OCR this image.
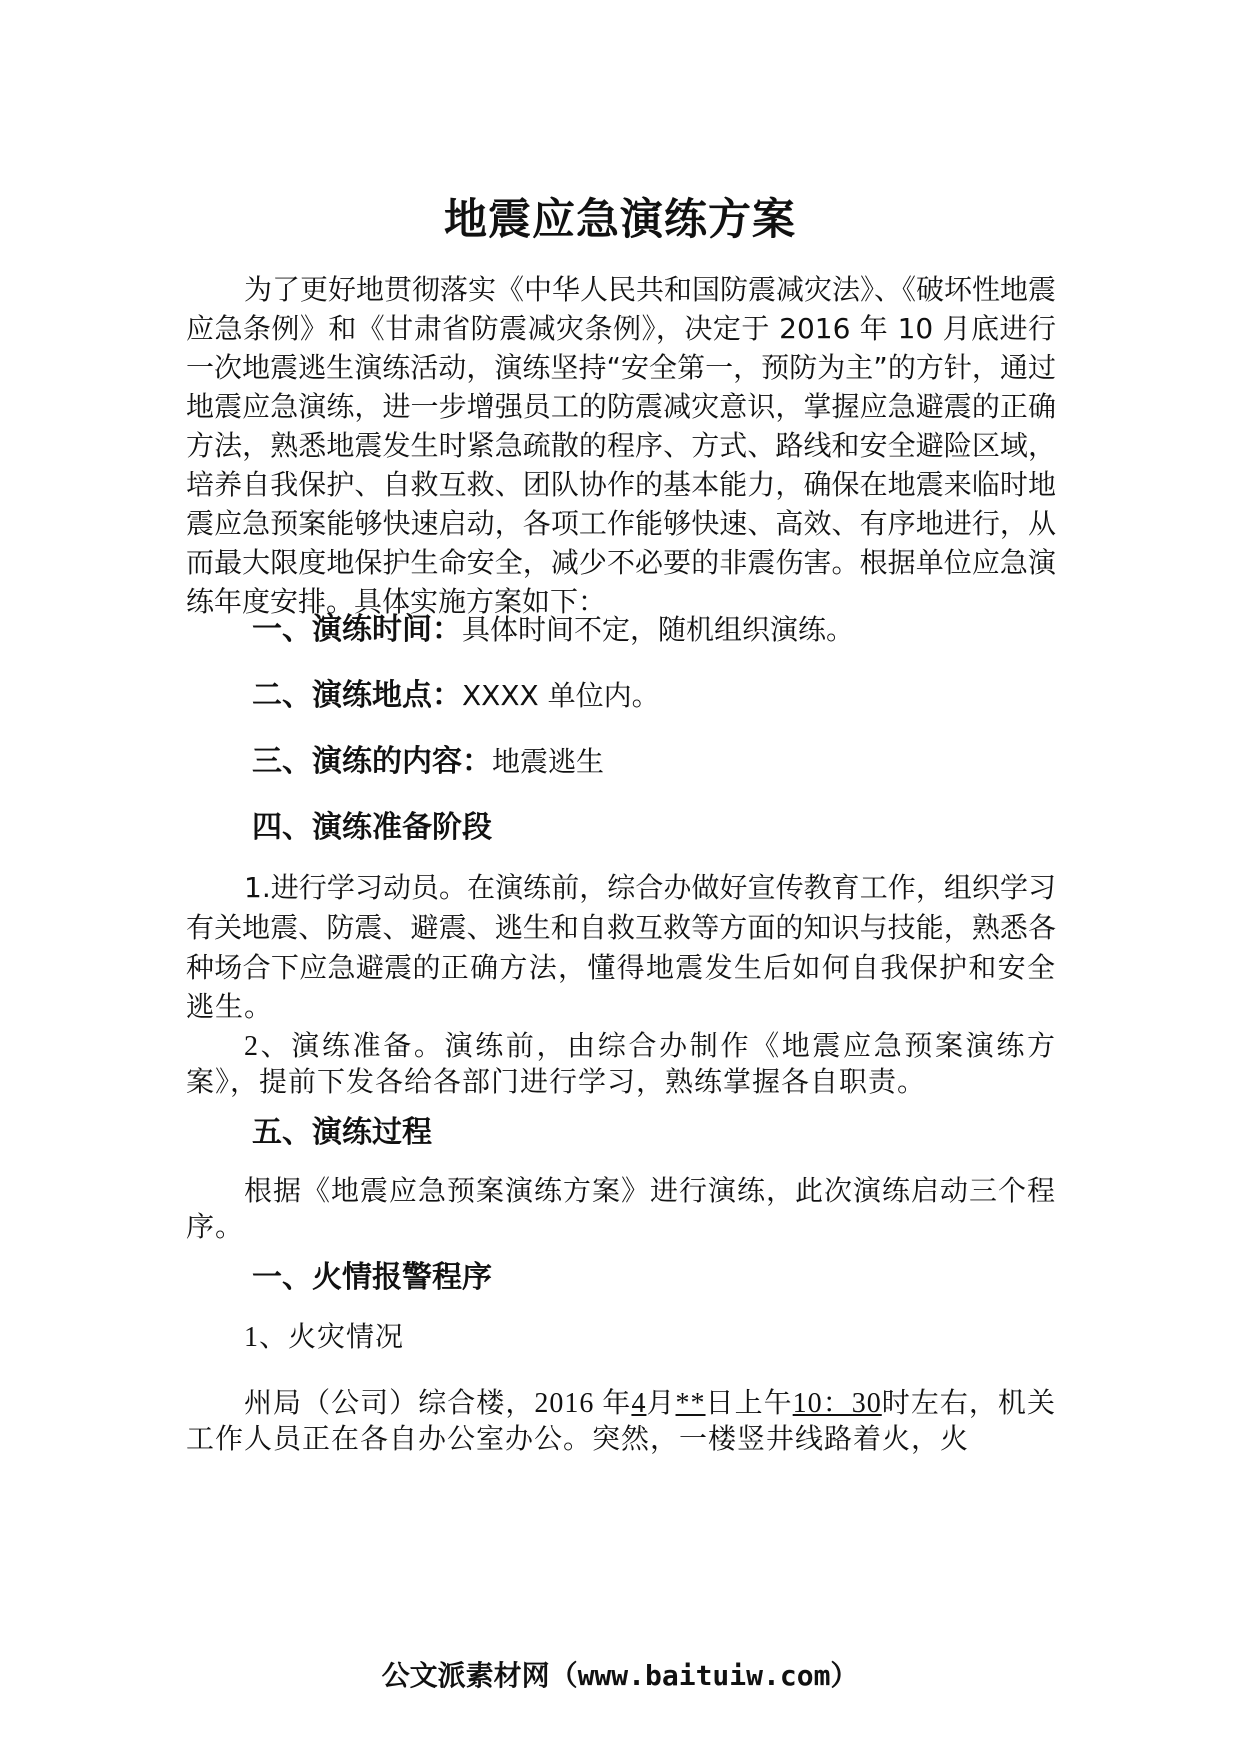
地震应急演练方案

为了更好地贯彻落实《中华人民共和国防震减灾法》、《破坏性地震应急条例》和《甘肃省防震减灾条例》，决定于 2016 年 10 月底进行一次地震逃生演练活动，演练坚持“安全第一，预防为主”的方针，通过地震应急演练，进一步增强员工的防震减灾意识，掌握应急避震的正确方法，熟悉地震发生时紧急疏散的程序、方式、路线和安全避险区域，培养自我保护、自救互救、团队协作的基本能力，确保在地震来临时地震应急预案能够快速启动，各项工作能够快速、高效、有序地进行，从而最大限度地保护生命安全，减少不必要的非震伤害。根据单位应急演练年度安排。具体实施方案如下：

一、演练时间：具体时间不定，随机组织演练。
二、演练地点：XXXX 单位内。
三、演练的内容：地震逃生
四、演练准备阶段

1.进行学习动员。在演练前，综合办做好宣传教育工作，组织学习有关地震、防震、避震、逃生和自救互救等方面的知识与技能，熟悉各种场合下应急避震的正确方法，懂得地震发生后如何自我保护和安全逃生。

2、演练准备。演练前，由综合办制作《地震应急预案演练方案》，提前下发各给各部门进行学习，熟练掌握各自职责。

五、演练过程

根据《地震应急预案演练方案》进行演练，此次演练启动三个程序。

一、火情报警程序

1、火灾情况

州局（公司）综合楼，2016 年4月**日上午10：30时左右，机关工作人员正在各自办公室办公。突然，一楼竖井线路着火，火

公文派素材网（www.baituiw.com）
